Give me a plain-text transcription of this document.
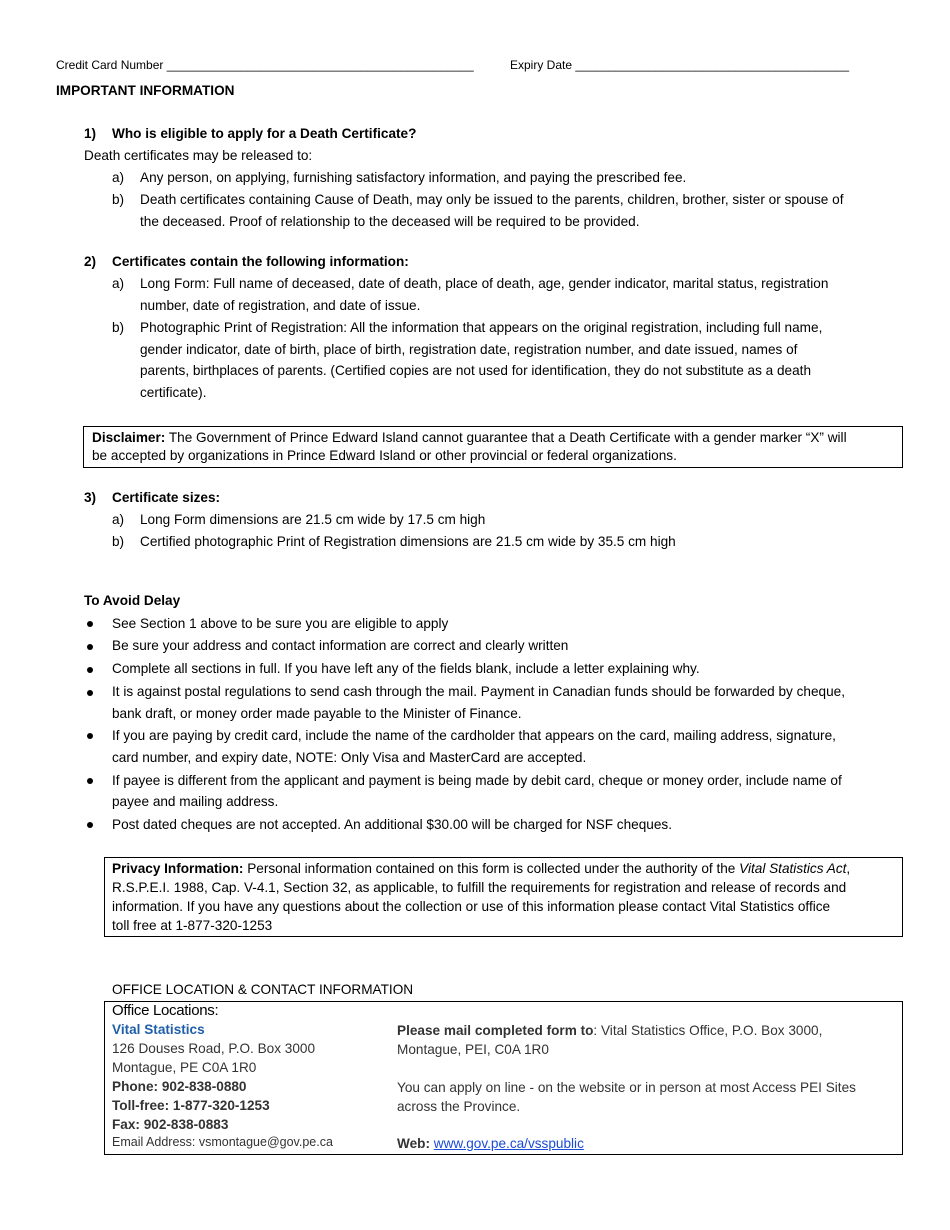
Credit Card Number ______________________________________________	Expiry Date _________________________________________
IMPORTANT INFORMATION
1) Who is eligible to apply for a Death Certificate?
Death certificates may be released to:
a) Any person, on applying, furnishing satisfactory information, and paying the prescribed fee.
b) Death certificates containing Cause of Death, may only be issued to the parents, children, brother, sister or spouse of
the deceased. Proof of relationship to the deceased will be required to be provided.
2) Certificates contain the following information:
a) Long Form: Full name of deceased, date of death, place of death, age, gender indicator, marital status, registration
number, date of registration, and date of issue.
b) Photographic Print of Registration: All the information that appears on the original registration, including full name,
gender indicator, date of birth, place of birth, registration date, registration number, and date issued, names of
parents, birthplaces of parents. (Certified copies are not used for identification, they do not substitute as a death
certificate).
Disclaimer: The Government of Prince Edward Island cannot guarantee that a Death Certificate with a gender marker “X” will
be accepted by organizations in Prince Edward Island or other provincial or federal organizations.
3) Certificate sizes:
a) Long Form dimensions are 21.5 cm wide by 17.5 cm high
b) Certified photographic Print of Registration dimensions are 21.5 cm wide by 35.5 cm high
To Avoid Delay
See Section 1 above to be sure you are eligible to apply
Be sure your address and contact information are correct and clearly written
Complete all sections in full. If you have left any of the fields blank, include a letter explaining why.
It is against postal regulations to send cash through the mail. Payment in Canadian funds should be forwarded by cheque,
bank draft, or money order made payable to the Minister of Finance.
If you are paying by credit card, include the name of the cardholder that appears on the card, mailing address, signature,
card number, and expiry date, NOTE: Only Visa and MasterCard are accepted.
If payee is different from the applicant and payment is being made by debit card, cheque or money order, include name of
payee and mailing address.
Post dated cheques are not accepted. An additional $30.00 will be charged for NSF cheques.
Privacy Information: Personal information contained on this form is collected under the authority of the Vital Statistics Act,
R.S.P.E.I. 1988, Cap. V-4.1, Section 32, as applicable, to fulfill the requirements for registration and release of records and
information. If you have any questions about the collection or use of this information please contact Vital Statistics office
toll free at 1-877-320-1253
OFFICE LOCATION & CONTACT INFORMATION
Office Locations:
Vital Statistics
126 Douses Road, P.O. Box 3000
Montague, PE C0A 1R0
Phone: 902-838-0880
Toll-free: 1-877-320-1253
Fax: 902-838-0883
Email Address: vsmontague@gov.pe.ca
Please mail completed form to: Vital Statistics Office, P.O. Box 3000,
Montague, PEI, C0A 1R0
You can apply on line - on the website or in person at most Access PEI Sites
across the Province.
Web: www.gov.pe.ca/vsspublic
